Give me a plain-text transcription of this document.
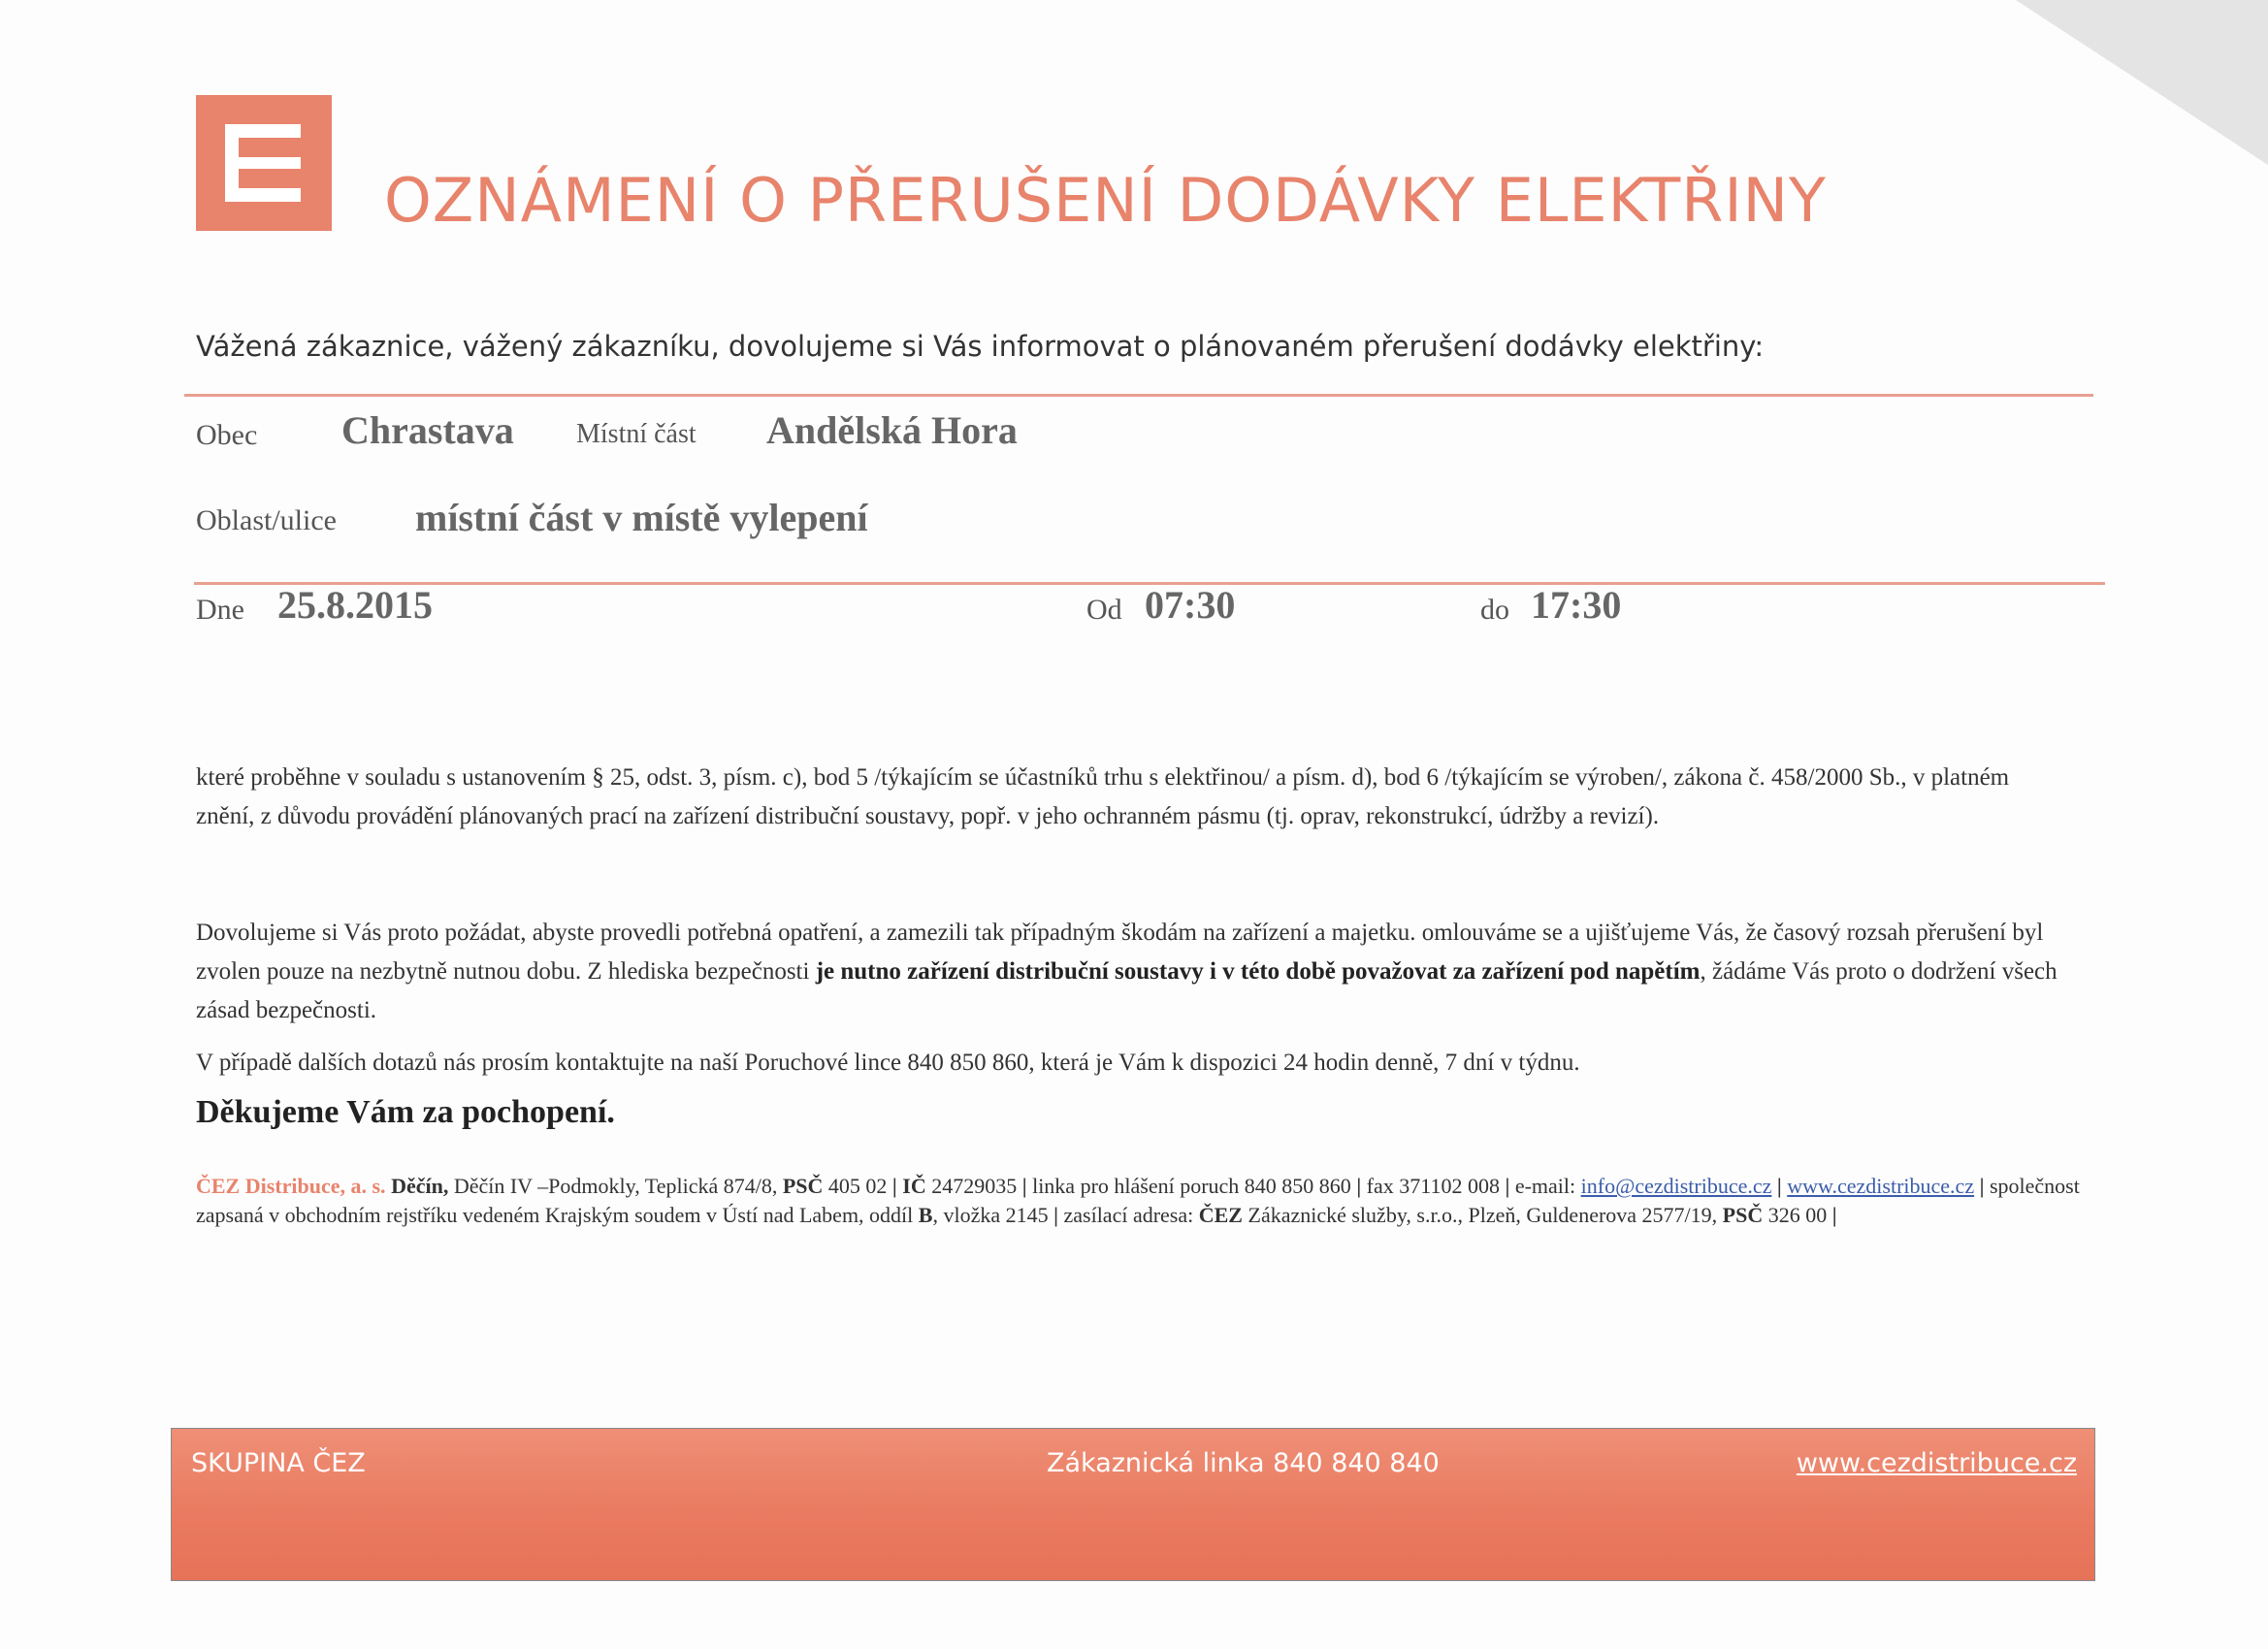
OZNÁMENÍ O PŘERUŠENÍ DODÁVKY ELEKTŘINY
Vážená zákaznice, vážený zákazníku, dovolujeme si Vás informovat o plánovaném přerušení dodávky elektřiny:
Obec Chrastava Místní část Andělská Hora
Oblast/ulice místní část v místě vylepení
Dne 25.8.2015	Od 07:30	do 17:30
které proběhne v souladu s ustanovením § 25, odst. 3, písm. c), bod 5 /týkajícím se účastníků trhu s elektřinou/ a písm. d), bod 6 /týkajícím se výroben/, zákona č. 458/2000 Sb., v platném znění, z důvodu provádění plánovaných prací na zařízení distribuční soustavy, popř. v jeho ochranném pásmu (tj. oprav, rekonstrukcí, údržby a revizí).
Dovolujeme si Vás proto požádat, abyste provedli potřebná opatření, a zamezili tak případným škodám na zařízení a majetku. omlouváme se a ujišťujeme Vás, že časový rozsah přerušení byl zvolen pouze na nezbytně nutnou dobu. Z hlediska bezpečnosti je nutno zařízení distribuční soustavy i v této době považovat za zařízení pod napětím, žádáme Vás proto o dodržení všech zásad bezpečnosti.
V případě dalších dotazů nás prosím kontaktujte na naší Poruchové lince 840 850 860, která je Vám k dispozici 24 hodin denně, 7 dní v týdnu.
Děkujeme Vám za pochopení.
ČEZ Distribuce, a. s. Děčín, Děčín IV –Podmokly, Teplická 874/8, PSČ 405 02 | IČ 24729035 | linka pro hlášení poruch 840 850 860 | fax 371102 008 | e-mail: info@cezdistribuce.cz | www.cezdistribuce.cz | společnost zapsaná v obchodním rejstříku vedeném Krajským soudem v Ústí nad Labem, oddíl B, vložka 2145 | zasílací adresa: ČEZ Zákaznické služby, s.r.o., Plzeň, Guldenerova 2577/19, PSČ 326 00 |
SKUPINA ČEZ	Zákaznická linka 840 840 840	www.cezdistribuce.cz
